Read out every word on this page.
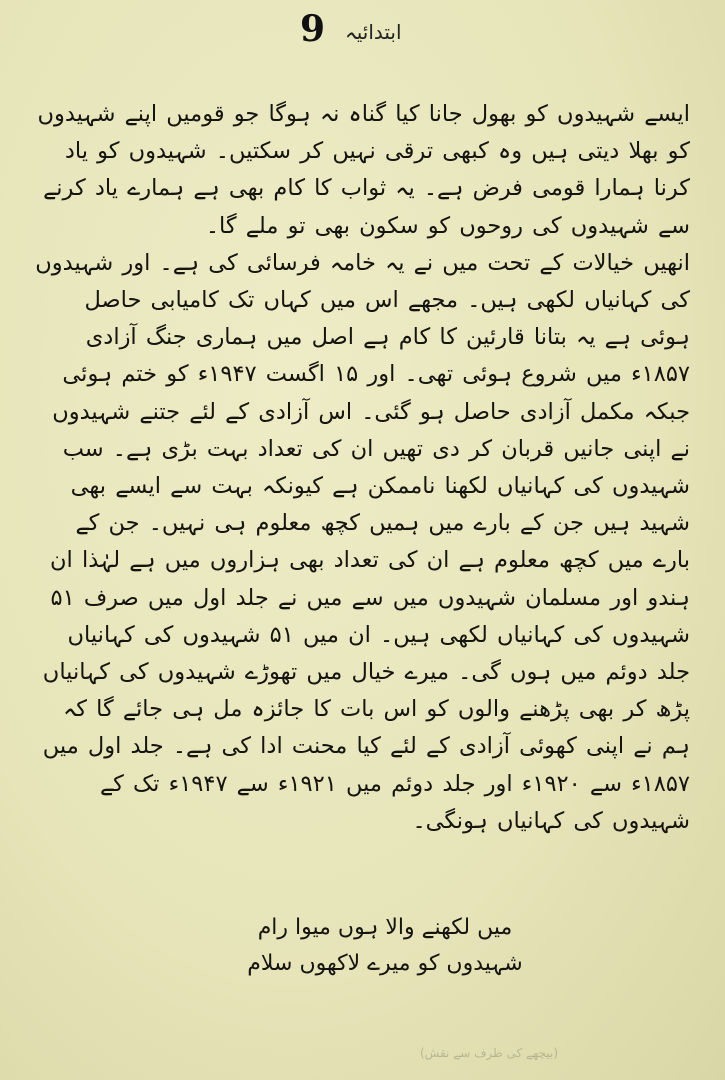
9 ابتدائیہ

ایسے شہیدوں کو بھول جانا کیا گناہ نہ ہوگا جو قومیں اپنے شہیدوں کو بھلا دیتی ہیں وہ کبھی ترقی نہیں کر سکتیں۔ شہیدوں کو یاد کرنا ہمارا قومی فرض ہے۔ یہ ثواب کا کام بھی ہے ہمارے یاد کرنے سے شہیدوں کی روحوں کو سکون بھی تو ملے گا۔

انھیں خیالات کے تحت میں نے یہ خامہ فرسائی کی ہے۔ اور شہیدوں کی کہانیاں لکھی ہیں۔ مجھے اس میں کہاں تک کامیابی حاصل ہوئی ہے یہ بتانا قارئین کا کام ہے اصل میں ہماری جنگ آزادی ۱۸۵۷ء میں شروع ہوئی تھی۔ اور ۱۵ اگست ۱۹۴۷ء کو ختم ہوئی جبکہ مکمل آزادی حاصل ہو گئی۔ اس آزادی کے لئے جتنے شہیدوں نے اپنی جانیں قربان کر دی تھیں ان کی تعداد بہت بڑی ہے۔ سب شہیدوں کی کہانیاں لکھنا ناممکن ہے کیونکہ بہت سے ایسے بھی شہید ہیں جن کے بارے میں ہمیں کچھ معلوم ہی نہیں۔ جن کے بارے میں کچھ معلوم ہے ان کی تعداد بھی ہزاروں میں ہے لہٰذا ان ہندو اور مسلمان شہیدوں میں سے میں نے جلد اول میں صرف ۵۱ شہیدوں کی کہانیاں لکھی ہیں۔ ان میں ۵۱ شہیدوں کی کہانیاں جلد دوئم میں ہوں گی۔ میرے خیال میں تھوڑے شہیدوں کی کہانیاں پڑھ کر بھی پڑھنے والوں کو اس بات کا جائزہ مل ہی جائے گا کہ ہم نے اپنی کھوئی آزادی کے لئے کیا محنت ادا کی ہے۔ جلد اول میں ۱۸۵۷ء سے ۱۹۲۰ء اور جلد دوئم میں ۱۹۲۱ء سے ۱۹۴۷ء تک کے شہیدوں کی کہانیاں ہونگی۔

میں لکھنے والا ہوں میوا رام

شہیدوں کو میرے لاکھوں سلام

(بیچھے کی طرف سے نقش)
